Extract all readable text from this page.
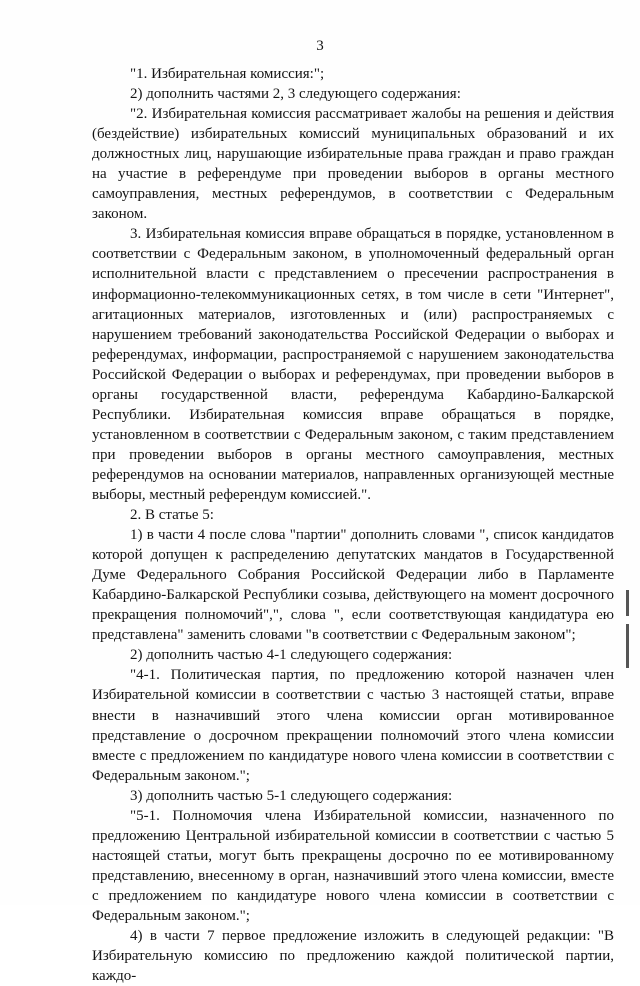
3

"1. Избирательная комиссия:";

2) дополнить частями 2, 3 следующего содержания:

"2. Избирательная комиссия рассматривает жалобы на решения и действия (бездействие) избирательных комиссий муниципальных образований и их должностных лиц, нарушающие избирательные права граждан и право граждан на участие в референдуме при проведении выборов в органы местного самоуправления, местных референдумов, в соответствии с Федеральным законом.

3. Избирательная комиссия вправе обращаться в порядке, установленном в соответствии с Федеральным законом, в уполномоченный федеральный орган исполнительной власти с представлением о пресечении распространения в информационно-телекоммуникационных сетях, в том числе в сети "Интернет", агитационных материалов, изготовленных и (или) распространяемых с нарушением требований законодательства Российской Федерации о выборах и референдумах, информации, распространяемой с нарушением законодательства Российской Федерации о выборах и референдумах, при проведении выборов в органы государственной власти, референдума Кабардино-Балкарской Республики. Избирательная комиссия вправе обращаться в порядке, установленном в соответствии с Федеральным законом, с таким представлением при проведении выборов в органы местного самоуправления, местных референдумов на основании материалов, направленных организующей местные выборы, местный референдум комиссией.".

2. В статье 5:

1) в части 4 после слова "партии" дополнить словами ", список кандидатов которой допущен к распределению депутатских мандатов в Государственной Думе Федерального Собрания Российской Федерации либо в Парламенте Кабардино-Балкарской Республики созыва, действующего на момент досрочного прекращения полномочий",", слова ", если соответствующая кандидатура ею представлена" заменить словами "в соответствии с Федеральным законом";

2) дополнить частью 4-1 следующего содержания:

"4-1. Политическая партия, по предложению которой назначен член Избирательной комиссии в соответствии с частью 3 настоящей статьи, вправе внести в назначивший этого члена комиссии орган мотивированное представление о досрочном прекращении полномочий этого члена комиссии вместе с предложением по кандидатуре нового члена комиссии в соответствии с Федеральным законом.";

3) дополнить частью 5-1 следующего содержания:

"5-1. Полномочия члена Избирательной комиссии, назначенного по предложению Центральной избирательной комиссии в соответствии с частью 5 настоящей статьи, могут быть прекращены досрочно по ее мотивированному представлению, внесенному в орган, назначивший этого члена комиссии, вместе с предложением по кандидатуре нового члена комиссии в соответствии с Федеральным законом.";

4) в части 7 первое предложение изложить в следующей редакции: "В Избирательную комиссию по предложению каждой политической партии, каждо-
